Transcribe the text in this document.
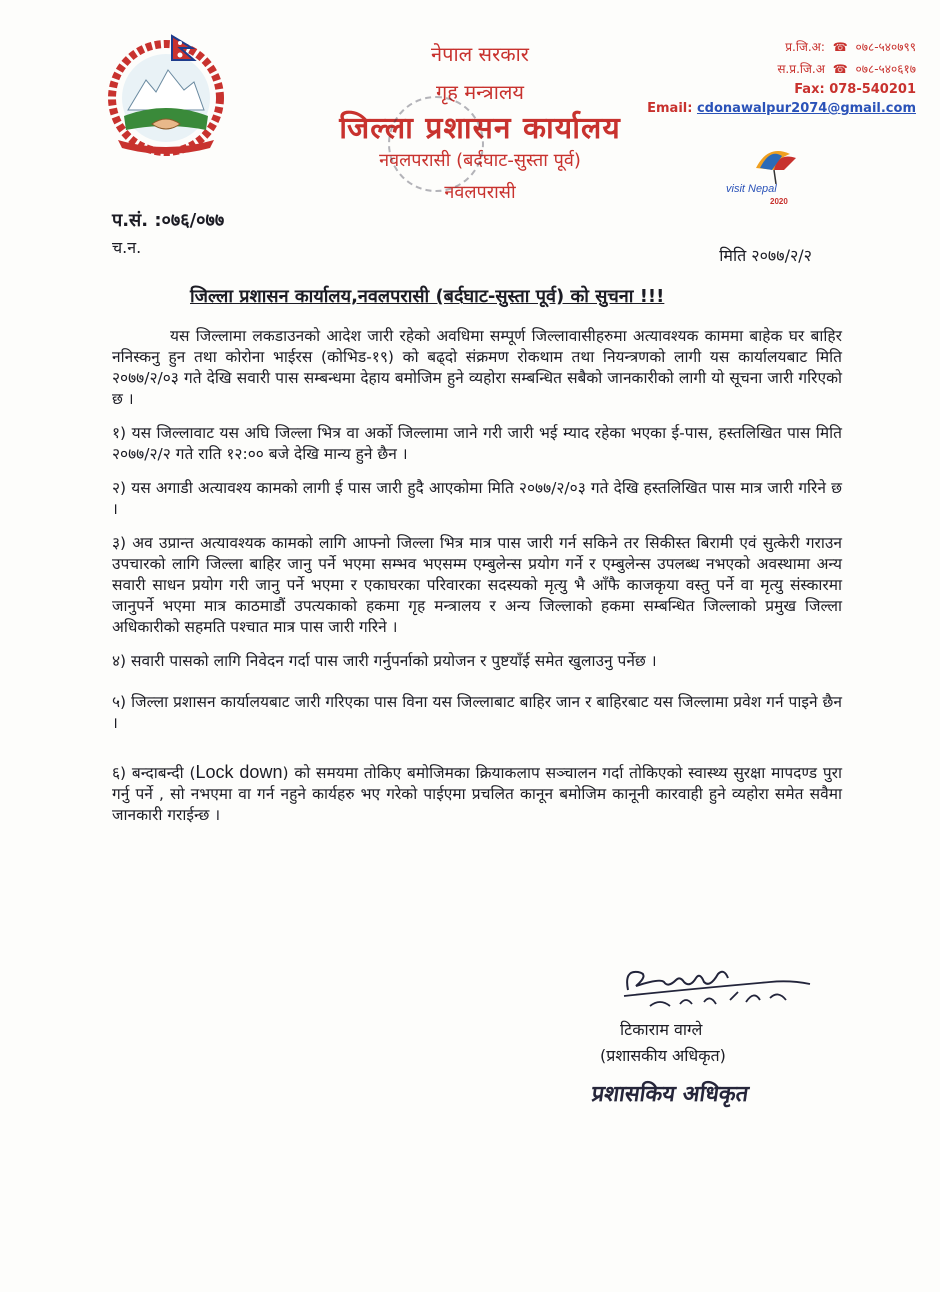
नेपाल सरकार
गृह मन्त्रालय
जिल्ला प्रशासन कार्यालय
नवलपरासी (बर्दघाट-सुस्ता पूर्व)
नवलपरासी
प्र.जि.अ: ☎ ०७८-५४०७९९
स.प्र.जि.अ ☎ ०७८-५४०६१७
Fax: 078-540201
Email: cdonawalpur2074@gmail.com
visit Nepal
2020
प.सं. :०७६/०७७
च.न.	मिति २०७७/२/२
जिल्ला प्रशासन कार्यालय,नवलपरासी (बर्दघाट-सुस्ता पूर्व) को सुचना !!!

यस जिल्लामा लकडाउनको आदेश जारी रहेको अवधिमा सम्पूर्ण जिल्लावासीहरुमा अत्यावश्यक काममा बाहेक घर बाहिर ननिस्कनु हुन तथा कोरोना भाईरस (कोभिड-१९) को बढ्दो संक्रमण रोकथाम तथा नियन्त्रणको लागी यस कार्यालयबाट मिति २०७७/२/०३ गते देखि सवारी पास सम्बन्धमा देहाय बमोजिम हुने व्यहोरा सम्बन्धित सबैको जानकारीको लागी यो सूचना जारी गरिएको छ ।

१) यस जिल्लावाट यस अघि जिल्ला भित्र वा अर्को जिल्लामा जाने गरी जारी भई म्याद रहेका भएका ई-पास, हस्तलिखित पास मिति २०७७/२/२ गते राति १२:०० बजे देखि मान्य हुने छैन ।

२) यस अगाडी अत्यावश्य कामको लागी ई पास जारी हुदै आएकोमा मिति २०७७/२/०३ गते देखि हस्तलिखित पास मात्र जारी गरिने छ ।

३) अव उप्रान्त अत्यावश्यक कामको लागि आफ्नो जिल्ला भित्र मात्र पास जारी गर्न सकिने तर सिकीस्त बिरामी एवं सुत्केरी गराउन उपचारको लागि जिल्ला बाहिर जानु पर्ने भएमा सम्भव भएसम्म एम्बुलेन्स प्रयोग गर्ने र एम्बुलेन्स उपलब्ध नभएको अवस्थामा अन्य सवारी साधन प्रयोग गरी जानु पर्ने भएमा र एकाघरका परिवारका सदस्यको मृत्यु भै आँफै काजकृया वस्तु पर्ने वा मृत्यु संस्कारमा जानुपर्ने भएमा मात्र काठमाडौं उपत्यकाको हकमा गृह मन्त्रालय र अन्य जिल्लाको हकमा सम्बन्धित जिल्लाको प्रमुख जिल्ला अधिकारीको सहमति पश्चात मात्र पास जारी गरिने ।

४) सवारी पासको लागि निवेदन गर्दा पास जारी गर्नुपर्नाको प्रयोजन र पुष्टयाँई समेत खुलाउनु पर्नेछ ।

५) जिल्ला प्रशासन कार्यालयबाट जारी गरिएका पास विना यस जिल्लाबाट बाहिर जान र बाहिरबाट यस जिल्लामा प्रवेश गर्न पाइने छैन ।

६) बन्दाबन्दी (Lock down) को समयमा तोकिए बमोजिमका क्रियाकलाप सञ्चालन गर्दा तोकिएको स्वास्थ्य सुरक्षा मापदण्ड पुरा गर्नु पर्ने , सो नभएमा वा गर्न नहुने कार्यहरु भए गरेको पाईएमा प्रचलित कानून बमोजिम कानूनी कारवाही हुने व्यहोरा समेत सवैमा जानकारी गराईन्छ ।

टिकाराम वाग्ले
(प्रशासकीय अधिकृत)
प्रशासकिय अधिकृत
